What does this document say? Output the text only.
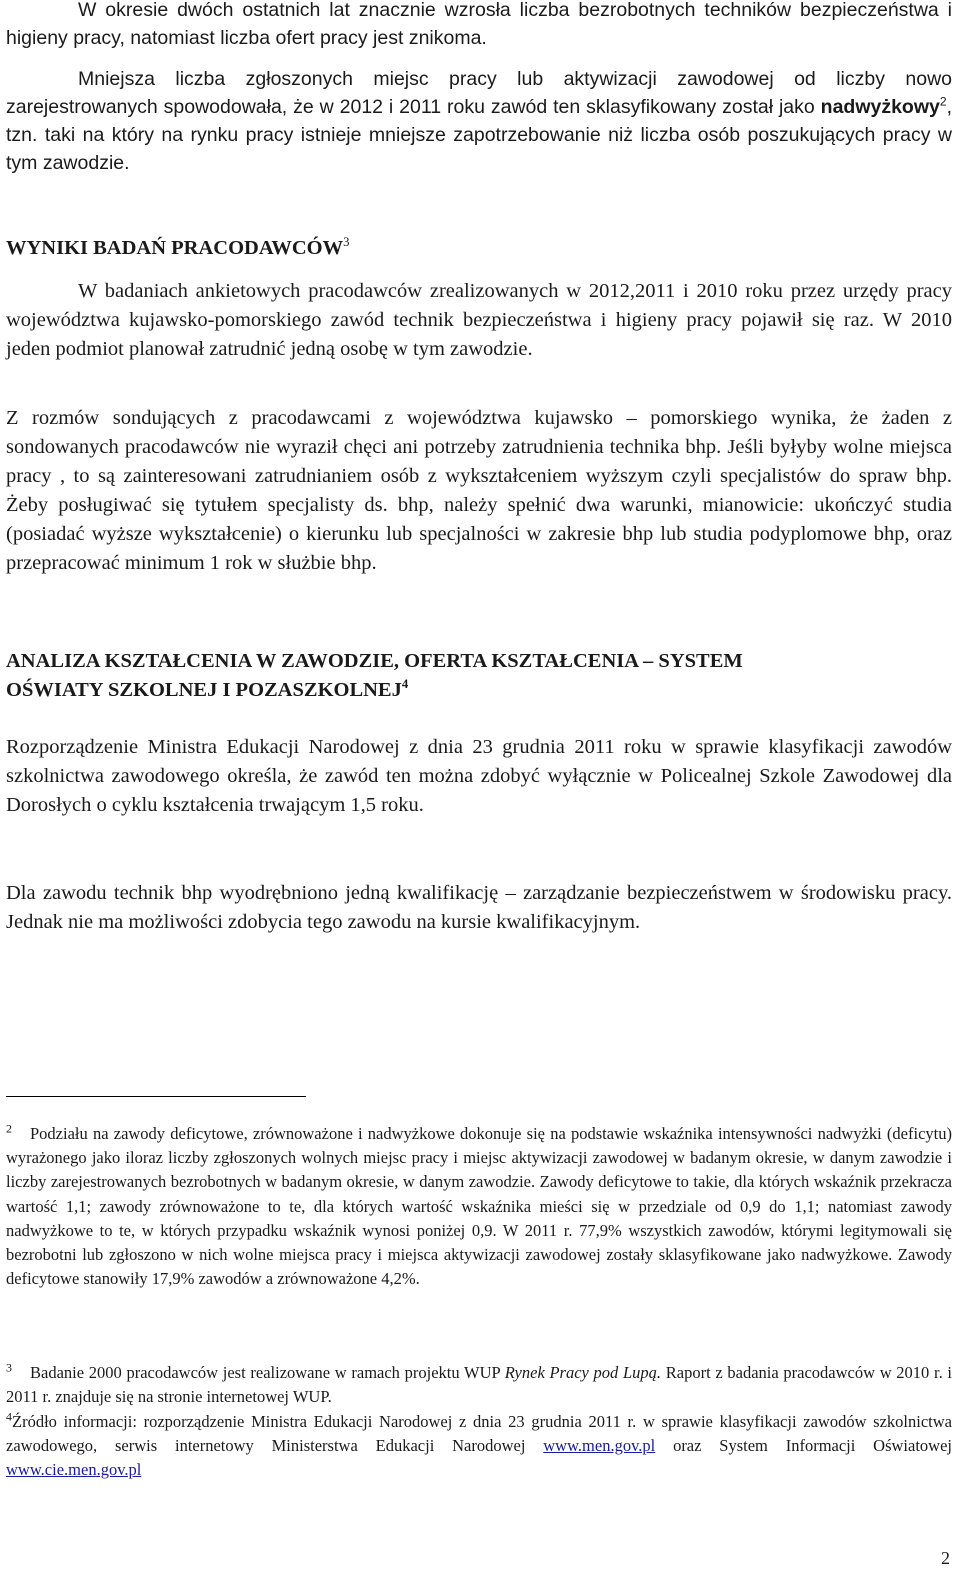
W okresie dwóch ostatnich lat znacznie wzrosła liczba bezrobotnych techników bezpieczeństwa i higieny pracy, natomiast liczba ofert pracy jest znikoma.

Mniejsza liczba zgłoszonych miejsc pracy lub aktywizacji zawodowej od liczby nowo zarejestrowanych spowodowała, że w 2012 i 2011 roku zawód ten sklasyfikowany został jako nadwyżkowy$^2$, tzn. taki na który na rynku pracy istnieje mniejsze zapotrzebowanie niż liczba osób poszukujących pracy w tym zawodzie.

WYNIKI BADAŃ PRACODAWCÓW$^3$

W badaniach ankietowych pracodawców zrealizowanych w 2012,2011 i 2010 roku przez urzędy pracy województwa kujawsko-pomorskiego zawód technik bezpieczeństwa i higieny pracy pojawił się raz. W 2010 jeden podmiot planował zatrudnić jedną osobę w tym zawodzie.

Z rozmów sondujących z pracodawcami z województwa kujawsko – pomorskiego wynika, że żaden z sondowanych pracodawców nie wyraził chęci ani potrzeby zatrudnienia technika bhp. Jeśli byłyby wolne miejsca pracy , to są zainteresowani zatrudnianiem osób z wykształceniem wyższym czyli specjalistów do spraw bhp. Żeby posługiwać się tytułem specjalisty ds. bhp, należy spełnić dwa warunki, mianowicie: ukończyć studia (posiadać wyższe wykształcenie) o kierunku lub specjalności w zakresie bhp lub studia podyplomowe bhp, oraz przepracować minimum 1 rok w służbie bhp.

ANALIZA KSZTAŁCENIA W ZAWODZIE, OFERTA KSZTAŁCENIA – SYSTEM
OŚWIATY SZKOLNEJ I POZASZKOLNEJ$^4$

Rozporządzenie Ministra Edukacji Narodowej z dnia 23 grudnia 2011 roku w sprawie klasyfikacji zawodów szkolnictwa zawodowego określa, że zawód ten można zdobyć wyłącznie w Policealnej Szkole Zawodowej dla Dorosłych o cyklu kształcenia trwającym 1,5 roku.

Dla zawodu technik bhp wyodrębniono jedną kwalifikację – zarządzanie bezpieczeństwem w środowisku pracy. Jednak nie ma możliwości zdobycia tego zawodu na kursie kwalifikacyjnym.

$^2$ Podziału na zawody deficytowe, zrównoważone i nadwyżkowe dokonuje się na podstawie wskaźnika intensywności nadwyżki (deficytu) wyrażonego jako iloraz liczby zgłoszonych wolnych miejsc pracy i miejsc aktywizacji zawodowej w badanym okresie, w danym zawodzie i liczby zarejestrowanych bezrobotnych w badanym okresie, w danym zawodzie. Zawody deficytowe to takie, dla których wskaźnik przekracza wartość 1,1; zawody zrównoważone to te, dla których wartość wskaźnika mieści się w przedziale od 0,9 do 1,1; natomiast zawody nadwyżkowe to te, w których przypadku wskaźnik wynosi poniżej 0,9. W 2011 r. 77,9% wszystkich zawodów, którymi legitymowali się bezrobotni lub zgłoszono w nich wolne miejsca pracy i miejsca aktywizacji zawodowej zostały sklasyfikowane jako nadwyżkowe. Zawody deficytowe stanowiły 17,9% zawodów a zrównoważone 4,2%.

$^3$ Badanie 2000 pracodawców jest realizowane w ramach projektu WUP Rynek Pracy pod Lupą. Raport z badania pracodawców w 2010 r. i 2011 r. znajduje się na stronie internetowej WUP.

$^4$Źródło informacji: rozporządzenie Ministra Edukacji Narodowej z dnia 23 grudnia 2011 r. w sprawie klasyfikacji zawodów szkolnictwa zawodowego, serwis internetowy Ministerstwa Edukacji Narodowej www.men.gov.pl oraz System Informacji Oświatowej www.cie.men.gov.pl

2
